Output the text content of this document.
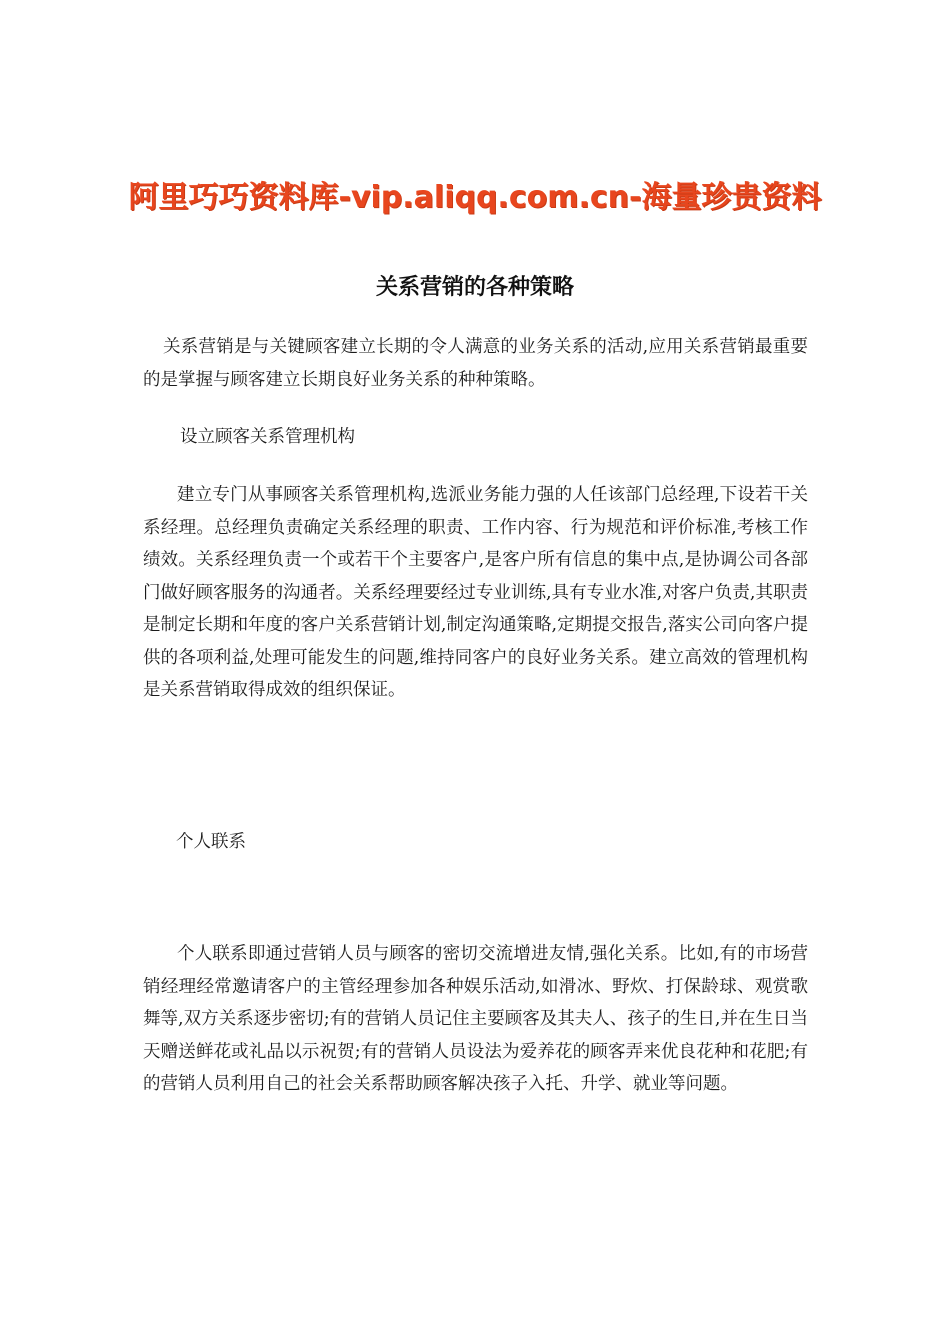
阿里巧巧资料库-vip.aliqq.com.cn-海量珍贵资料
关系营销的各种策略

关系营销是与关键顾客建立长期的令人满意的业务关系的活动,应用关系营销最重要的是掌握与顾客建立长期良好业务关系的种种策略。

设立顾客关系管理机构

建立专门从事顾客关系管理机构,选派业务能力强的人任该部门总经理,下设若干关系经理。总经理负责确定关系经理的职责、工作内容、行为规范和评价标准,考核工作绩效。关系经理负责一个或若干个主要客户,是客户所有信息的集中点,是协调公司各部门做好顾客服务的沟通者。关系经理要经过专业训练,具有专业水准,对客户负责,其职责是制定长期和年度的客户关系营销计划,制定沟通策略,定期提交报告,落实公司向客户提供的各项利益,处理可能发生的问题,维持同客户的良好业务关系。建立高效的管理机构是关系营销取得成效的组织保证。

个人联系

个人联系即通过营销人员与顾客的密切交流增进友情,强化关系。比如,有的市场营销经理经常邀请客户的主管经理参加各种娱乐活动,如滑冰、野炊、打保龄球、观赏歌舞等,双方关系逐步密切;有的营销人员记住主要顾客及其夫人、孩子的生日,并在生日当天赠送鲜花或礼品以示祝贺;有的营销人员设法为爱养花的顾客弄来优良花种和花肥;有的营销人员利用自己的社会关系帮助顾客解决孩子入托、升学、就业等问题。
